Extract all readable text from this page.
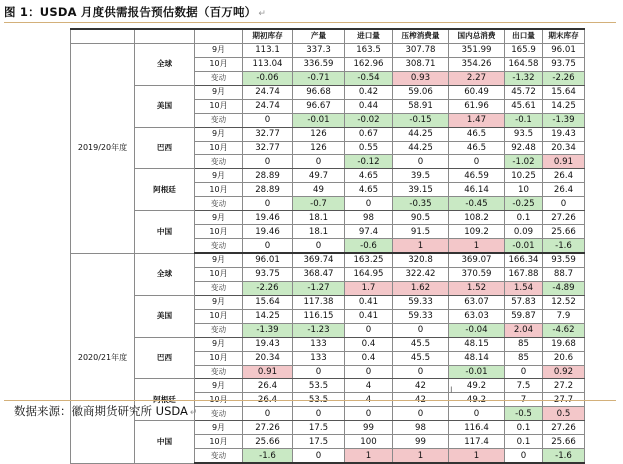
图 1：USDA 月度供需报告预估数据（百万吨） ↵
			期初库存	产量	进口量	压榨消费量	国内总消费	出口量	期末库存
2019/20年度	全球	9月	113.1	337.3	163.5	307.78	351.99	165.9	96.01
		10月	113.04	336.59	162.96	308.71	354.26	164.58	93.75
		变动	-0.06	-0.71	-0.54	0.93	2.27	-1.32	-2.26
	美国	9月	24.74	96.68	0.42	59.06	60.49	45.72	15.64
		10月	24.74	96.67	0.44	58.91	61.96	45.61	14.25
		变动	0	-0.01	-0.02	-0.15	1.47	-0.1	-1.39
	巴西	9月	32.77	126	0.67	44.25	46.5	93.5	19.43
		10月	32.77	126	0.55	44.25	46.5	92.48	20.34
		变动	0	0	-0.12	0	0	-1.02	0.91
	阿根廷	9月	28.89	49.7	4.65	39.5	46.59	10.25	26.4
		10月	28.89	49	4.65	39.15	46.14	10	26.4
		变动	0	-0.7	0	-0.35	-0.45	-0.25	0
	中国	9月	19.46	18.1	98	90.5	108.2	0.1	27.26
		10月	19.46	18.1	97.4	91.5	109.2	0.09	25.66
		变动	0	0	-0.6	1	1	-0.01	-1.6
2020/21年度	全球	9月	96.01	369.74	163.25	320.8	369.07	166.34	93.59
		10月	93.75	368.47	164.95	322.42	370.59	167.88	88.7
		变动	-2.26	-1.27	1.7	1.62	1.52	1.54	-4.89
	美国	9月	15.64	117.38	0.41	59.33	63.07	57.83	12.52
		10月	14.25	116.15	0.41	59.33	63.03	59.87	7.9
		变动	-1.39	-1.23	0	0	-0.04	2.04	-4.62
	巴西	9月	19.43	133	0.4	45.5	48.15	85	19.68
		10月	20.34	133	0.4	45.5	48.14	85	20.6
		变动	0.91	0	0	0	-0.01	0	0.92
	阿根廷	9月	26.4	53.5	4	42	49.2	7.5	27.2
		10月	26.4	53.5	4	42	49.2	7	27.7
		变动	0	0	0	0	0	-0.5	0.5
	中国	9月	27.26	17.5	99	98	116.4	0.1	27.26
		10月	25.66	17.5	100	99	117.4	0.1	25.66
		变动	-1.6	0	1	1	1	0	-1.6
I
数据来源：徽商期货研究所 USDA ↵
